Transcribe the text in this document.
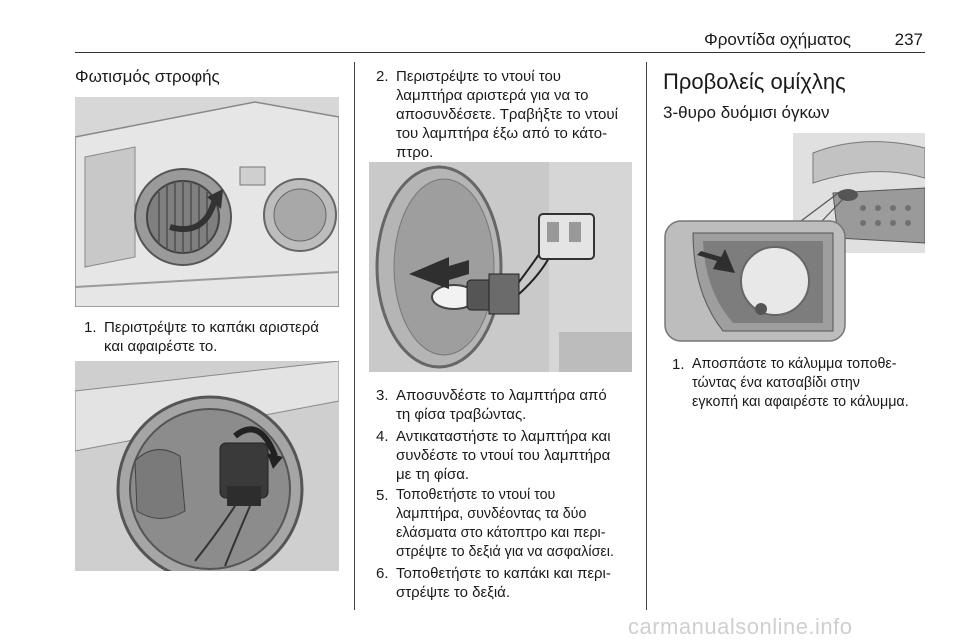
Φροντίδα οχήματος	237
Φωτισμός στροφής
1. Περιστρέψτε το καπάκι αριστερά
και αφαιρέστε το.
2. Περιστρέψτε το ντουί του
λαμπτήρα αριστερά για να το
αποσυνδέσετε. Τραβήξτε το ντουί
του λαμπτήρα έξω από το κάτο-
πτρο.
3. Αποσυνδέστε το λαμπτήρα από
τη φίσα τραβώντας.
4. Αντικαταστήστε το λαμπτήρα και
συνδέστε το ντουί του λαμπτήρα
με τη φίσα.
5. Τοποθετήστε το ντουί του
λαμπτήρα, συνδέοντας τα δύο
ελάσματα στο κάτοπτρο και περι-
στρέψτε το δεξιά για να ασφαλίσει.
6. Τοποθετήστε το καπάκι και περι-
στρέψτε το δεξιά.
Προβολείς ομίχλης
3-θυρο δυόμισι όγκων
1. Αποσπάστε το κάλυμμα τοποθε-
τώντας ένα κατσαβίδι στην
εγκοπή και αφαιρέστε το κάλυμμα.
carmanualsonline.info
